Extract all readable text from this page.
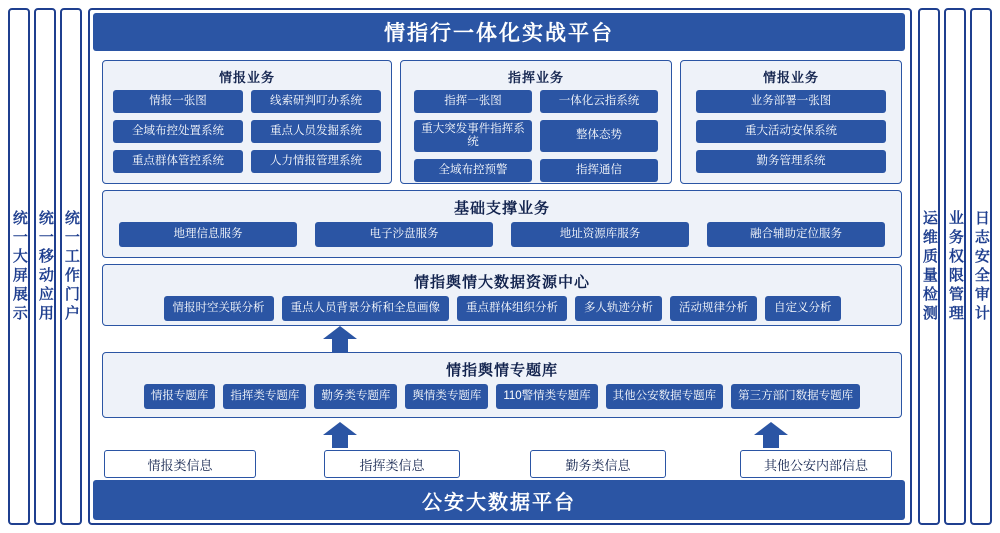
统一大屏展示 统一移动应用 统一工作门户	运维质量检测 业务权限管理 日志安全审计
情指行一体化实战平台
情报业务
情报一张图	线索研判叮办系统
全域布控处置系统	重点人员发掘系统
重点群体管控系统	人力情报管理系统
指挥业务
指挥一张图	一体化云指系统
重大突发事件指挥系统
整体态势
全域布控预警	指挥通信
情报业务
业务部署一张图
重大活动安保系统
勤务管理系统
基础支撑业务
地理信息服务	电子沙盘服务	地址资源库服务	融合辅助定位服务
情指舆情大数据资源中心
情报时空关联分析	重点人员背景分析和全息画像	重点群体组织分析	多人轨迹分析	活动规律分析	自定义分析
情指舆情专题库
情报专题库	指挥类专题库	勤务类专题库	舆情类专题库	110警情类专题库	其他公安数据专题库	第三方部门数据专题库
情报类信息	指挥类信息	勤务类信息	其他公安内部信息
公安大数据平台
